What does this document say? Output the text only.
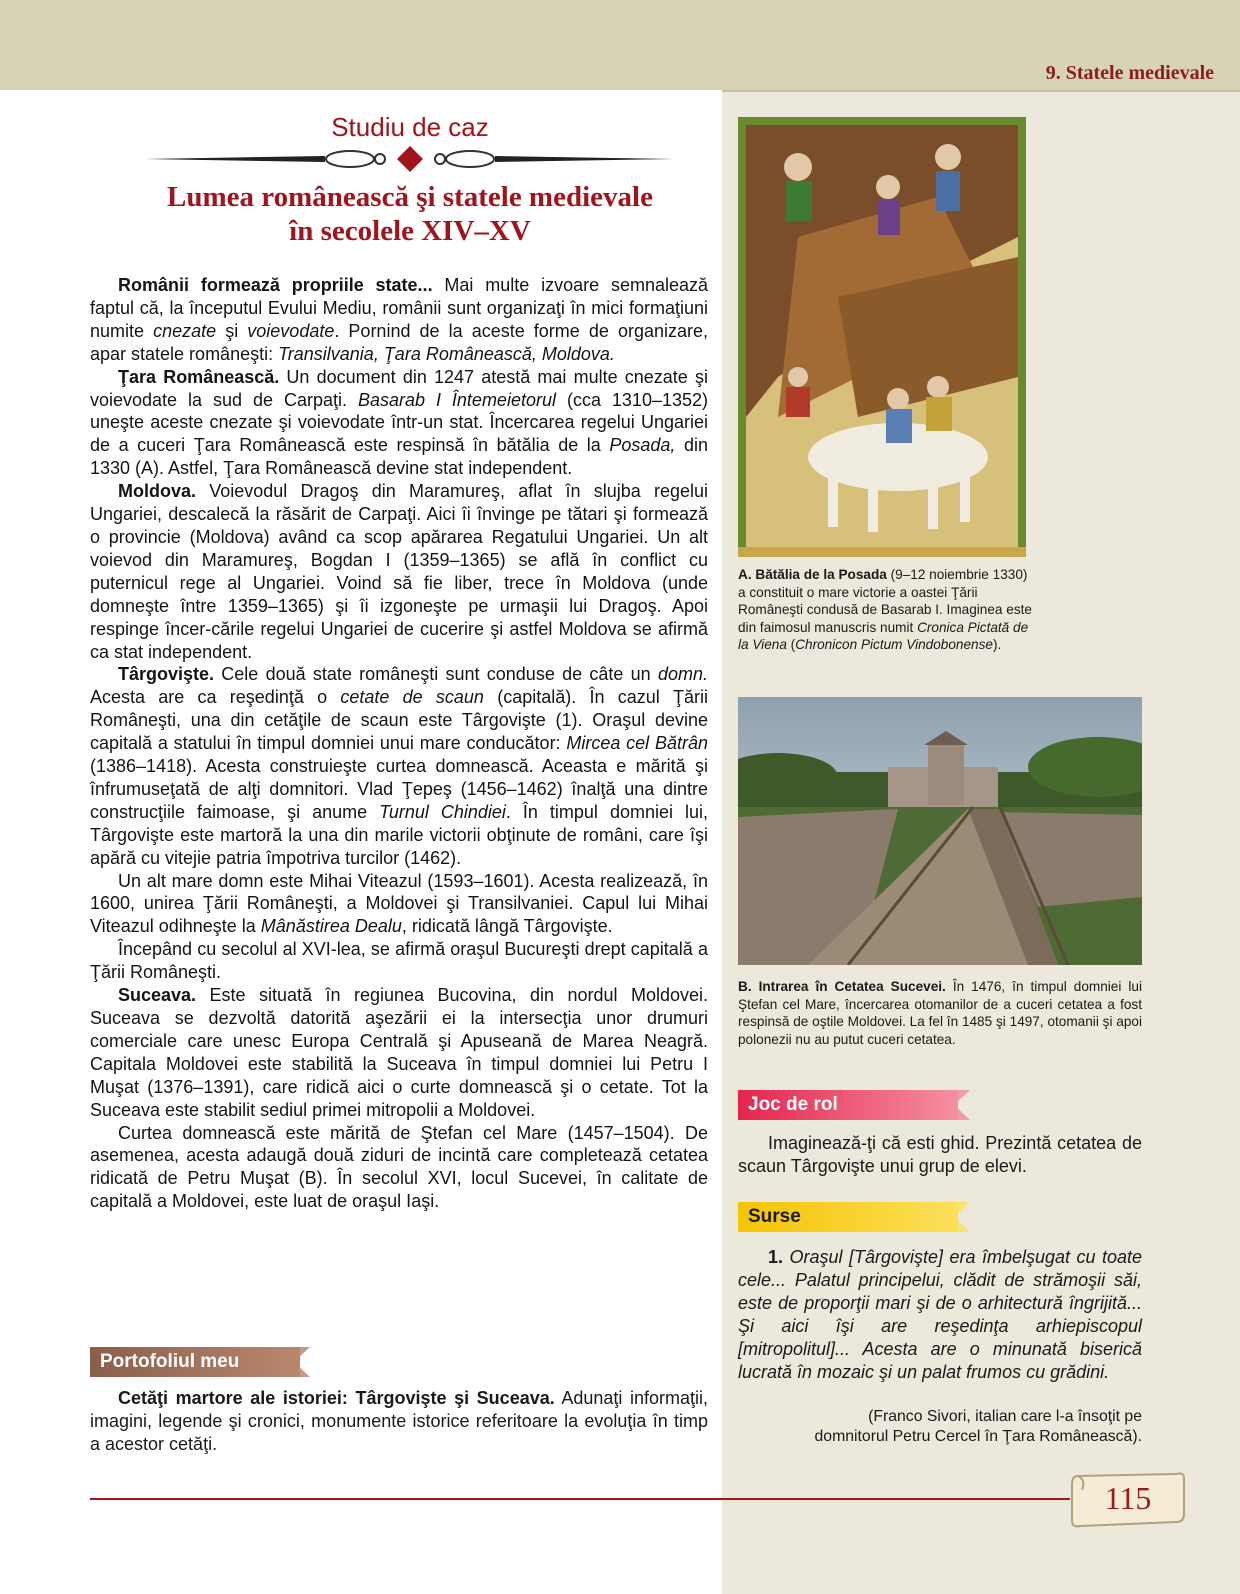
9. Statele medievale
Studiu de caz
Lumea românească şi statele medievale
în secolele XIV–XV

Românii formează propriile state... Mai multe izvoare semnalează faptul că, la începutul Evului Mediu, românii sunt organizaţi în mici formaţiuni numite cnezate şi voievodate. Pornind de la aceste forme de organizare, apar statele româneşti: Transilvania, Ţara Românească, Moldova.

Ţara Românească. Un document din 1247 atestă mai multe cnezate şi voievodate la sud de Carpaţi. Basarab I Întemeietorul (cca 1310–1352) uneşte aceste cnezate şi voievodate într-un stat. Încercarea regelui Ungariei de a cuceri Ţara Românească este respinsă în bătălia de la Posada, din 1330 (A). Astfel, Ţara Românească devine stat independent.

Moldova. Voievodul Dragoş din Maramureş, aflat în slujba regelui Ungariei, descalecă la răsărit de Carpaţi. Aici îi învinge pe tătari şi formează o provincie (Moldova) având ca scop apărarea Regatului Ungariei. Un alt voievod din Maramureş, Bogdan I (1359–1365) se află în conflict cu puternicul rege al Ungariei. Voind să fie liber, trece în Moldova (unde domneşte între 1359–1365) şi îi izgoneşte pe urmaşii lui Dragoş. Apoi respinge încer-cările regelui Ungariei de cucerire şi astfel Moldova se afirmă ca stat independent.

Târgovişte. Cele două state româneşti sunt conduse de câte un domn. Acesta are ca reşedinţă o cetate de scaun (capitală). În cazul Ţării Româneşti, una din cetăţile de scaun este Târgovişte (1). Oraşul devine capitală a statului în timpul domniei unui mare conducător: Mircea cel Bătrân (1386–1418). Acesta construieşte curtea domnească. Aceasta e mărită şi înfrumuseţată de alţi domnitori. Vlad Ţepeş (1456–1462) înalţă una dintre construcţiile faimoase, şi anume Turnul Chindiei. În timpul domniei lui, Târgovişte este martoră la una din marile victorii obţinute de români, care îşi apără cu vitejie patria împotriva turcilor (1462).

Un alt mare domn este Mihai Viteazul (1593–1601). Acesta realizează, în 1600, unirea Ţării Româneşti, a Moldovei şi Transilvaniei. Capul lui Mihai Viteazul odihneşte la Mânăstirea Dealu, ridicată lângă Târgovişte.

Începând cu secolul al XVI-lea, se afirmă oraşul Bucureşti drept capitală a Ţării Româneşti.

Suceava. Este situată în regiunea Bucovina, din nordul Moldovei. Suceava se dezvoltă datorită aşezării ei la intersecţia unor drumuri comerciale care unesc Europa Centrală şi Apuseană de Marea Neagră. Capitala Moldovei este stabilită la Suceava în timpul domniei lui Petru I Muşat (1376–1391), care ridică aici o curte domnească şi o cetate. Tot la Suceava este stabilit sediul primei mitropolii a Moldovei.

Curtea domnească este mărită de Ştefan cel Mare (1457–1504). De asemenea, acesta adaugă două ziduri de incintă care completează cetatea ridicată de Petru Muşat (B). În secolul XVI, locul Sucevei, în calitate de capitală a Moldovei, este luat de oraşul Iaşi.

Portofoliul meu

Cetăţi martore ale istoriei: Târgovişte şi Suceava. Adunaţi informaţii, imagini, legende şi cronici, monumente istorice referitoare la evoluţia în timp a acestor cetăţi.

A. Bătălia de la Posada (9–12 noiembrie 1330) a constituit o mare victorie a oastei Ţării Româneşti condusă de Basarab I. Imaginea este din faimosul manuscris numit Cronica Pictată de la Viena (Chronicon Pictum Vindobonense).
B. Intrarea în Cetatea Sucevei. În 1476, în timpul domniei lui Ştefan cel Mare, încercarea otomanilor de a cuceri cetatea a fost respinsă de oştile Moldovei. La fel în 1485 şi 1497, otomanii şi apoi polonezii nu au putut cuceri cetatea.
Joc de rol

Imaginează-ţi că esti ghid. Prezintă cetatea de scaun Târgovişte unui grup de elevi.

Surse

1. Oraşul [Târgovişte] era îmbelşugat cu toate cele... Palatul principelui, clădit de strămoşii săi, este de proporţii mari şi de o arhitectură îngrijită... Şi aici îşi are reşedinţa arhiepiscopul [mitropolitul]... Acesta are o minunată biserică lucrată în mozaic şi un palat frumos cu grădini.

(Franco Sivori, italian care l-a însoţit pe
domnitorul Petru Cercel în Ţara Românească).
115
